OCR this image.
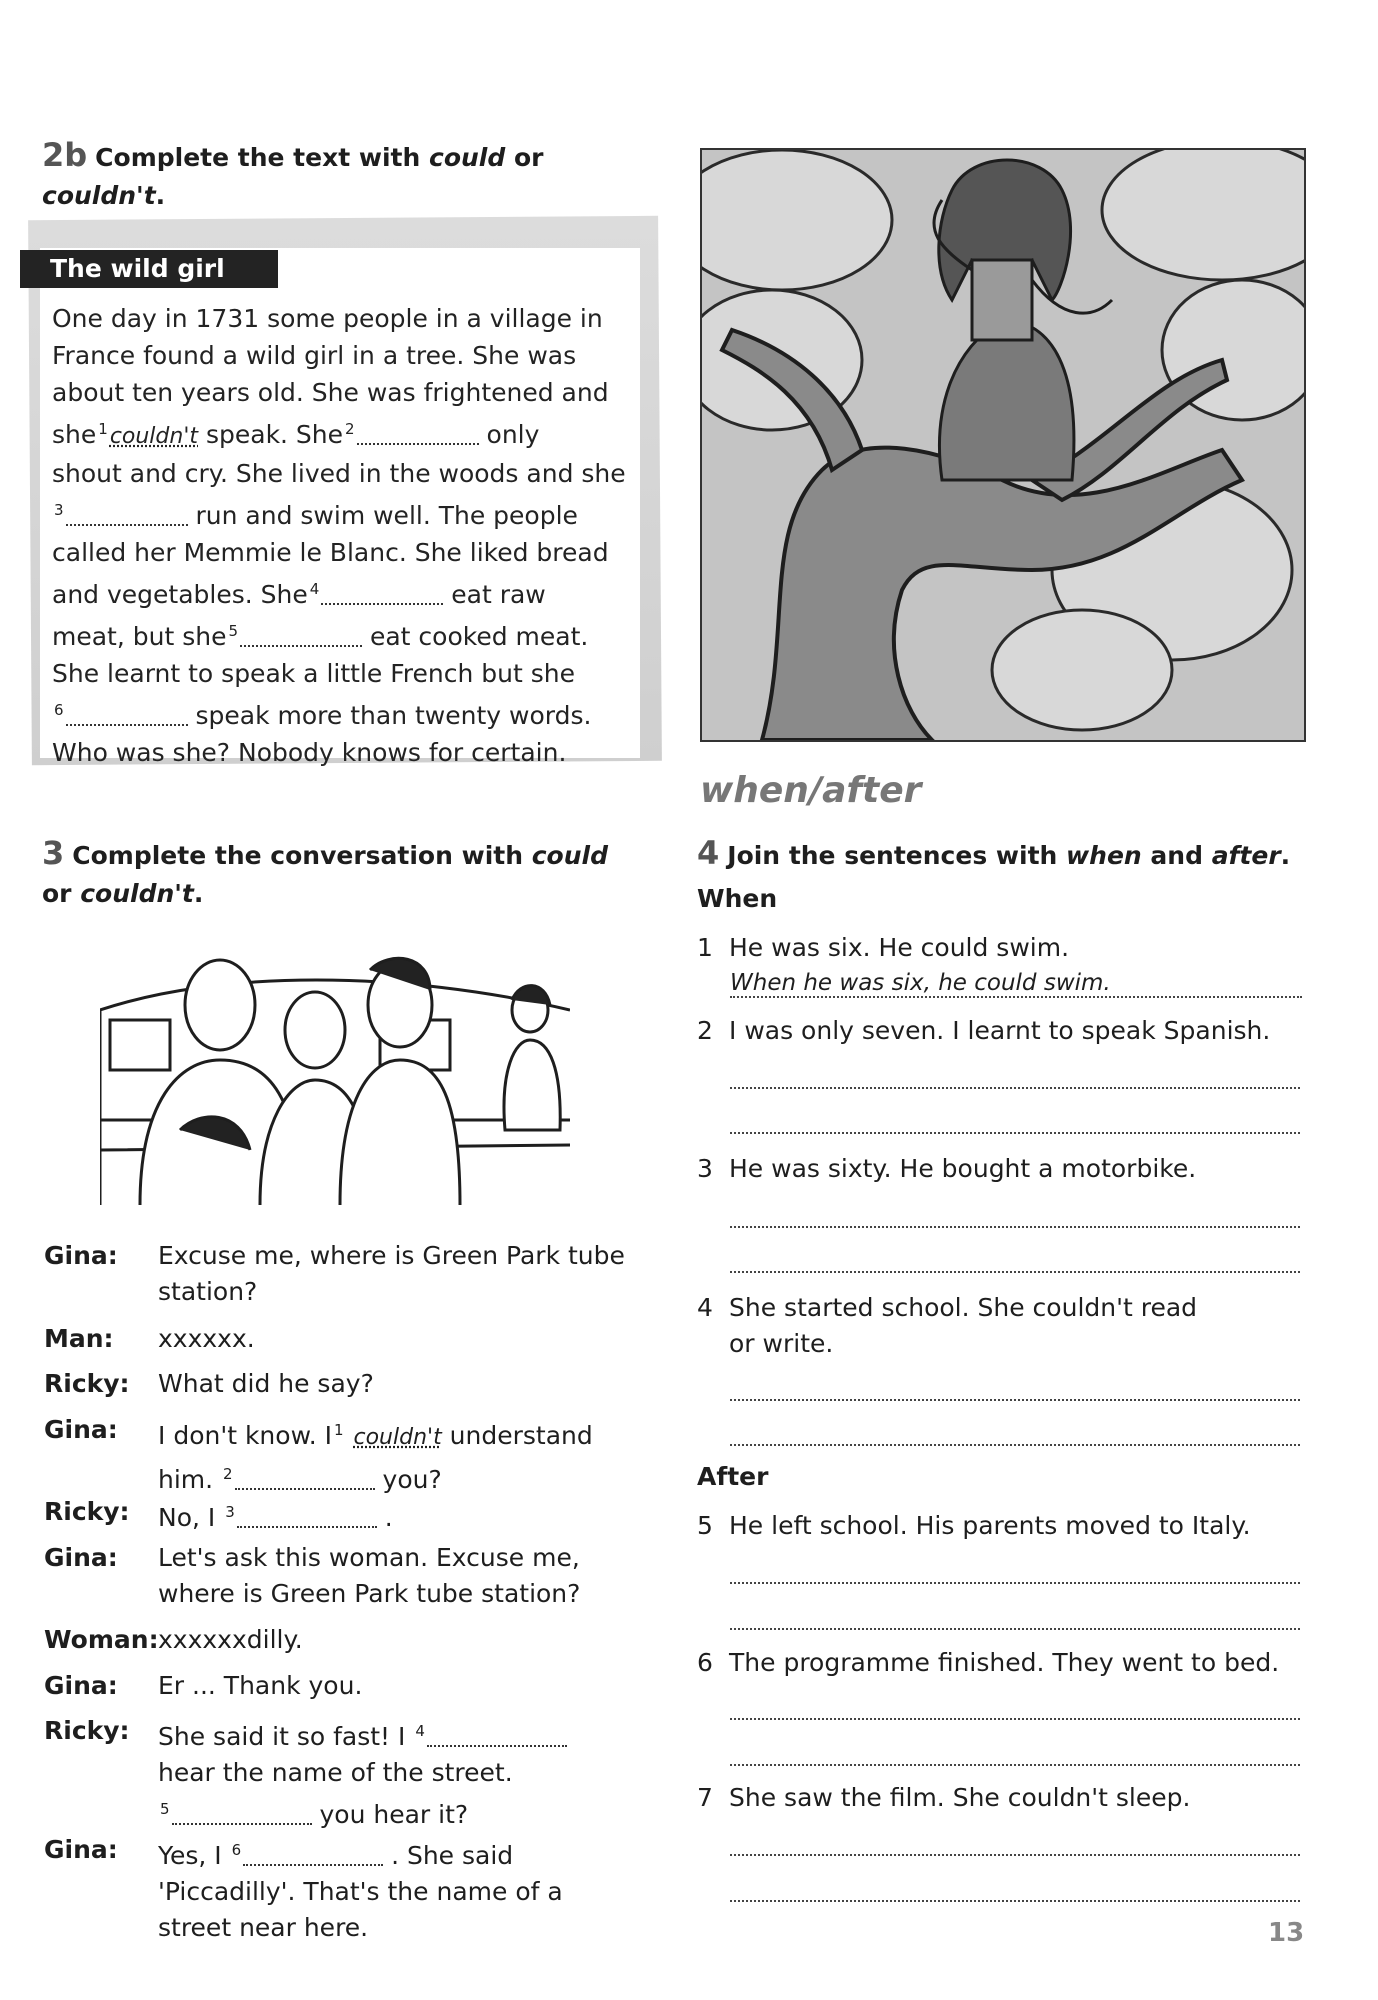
2b Complete the text with could or
couldn't.
The wild girl
One day in 1731 some people in a village in
France found a wild girl in a tree. She was
about ten years old. She was frightened and
she $^1$couldn't speak. She $^2$	only
shout and cry. She lived in the woods and she
$^3$	run and swim well. The people
called her Memmie le Blanc. She liked bread
and vegetables. She $^4$	eat raw
meat, but she $^5$	eat cooked meat.
She learnt to speak a little French but she
$^6$	speak more than twenty words.
Who was she? Nobody knows for certain.
when/after
4 Join the sentences with when and after.
When
1 He was six. He could swim.
When he was six, he could swim.
2 I was only seven. I learnt to speak Spanish.
3 He was sixty. He bought a motorbike.
4 She started school. She couldn't read
or write.
After
5 He left school. His parents moved to Italy.
6 The programme finished. They went to bed.
7 She saw the film. She couldn't sleep.
3 Complete the conversation with could
or couldn't.
Gina: Excuse me, where is Green Park tube
station?
Man: xxxxxx.
Ricky: What did he say?
Gina: I don't know. I $^1$ couldn't understand
him. $^2$	you?
Ricky: No, I $^3$	.
Gina: Let's ask this woman. Excuse me,
where is Green Park tube station?
Woman: xxxxxxdilly.
Gina: Er ... Thank you.
Ricky: She said it so fast! I $^4$
hear the name of the street.
$^5$	you hear it?
Gina: Yes, I $^6$	. She said
'Piccadilly'. That's the name of a
street near here.	13
